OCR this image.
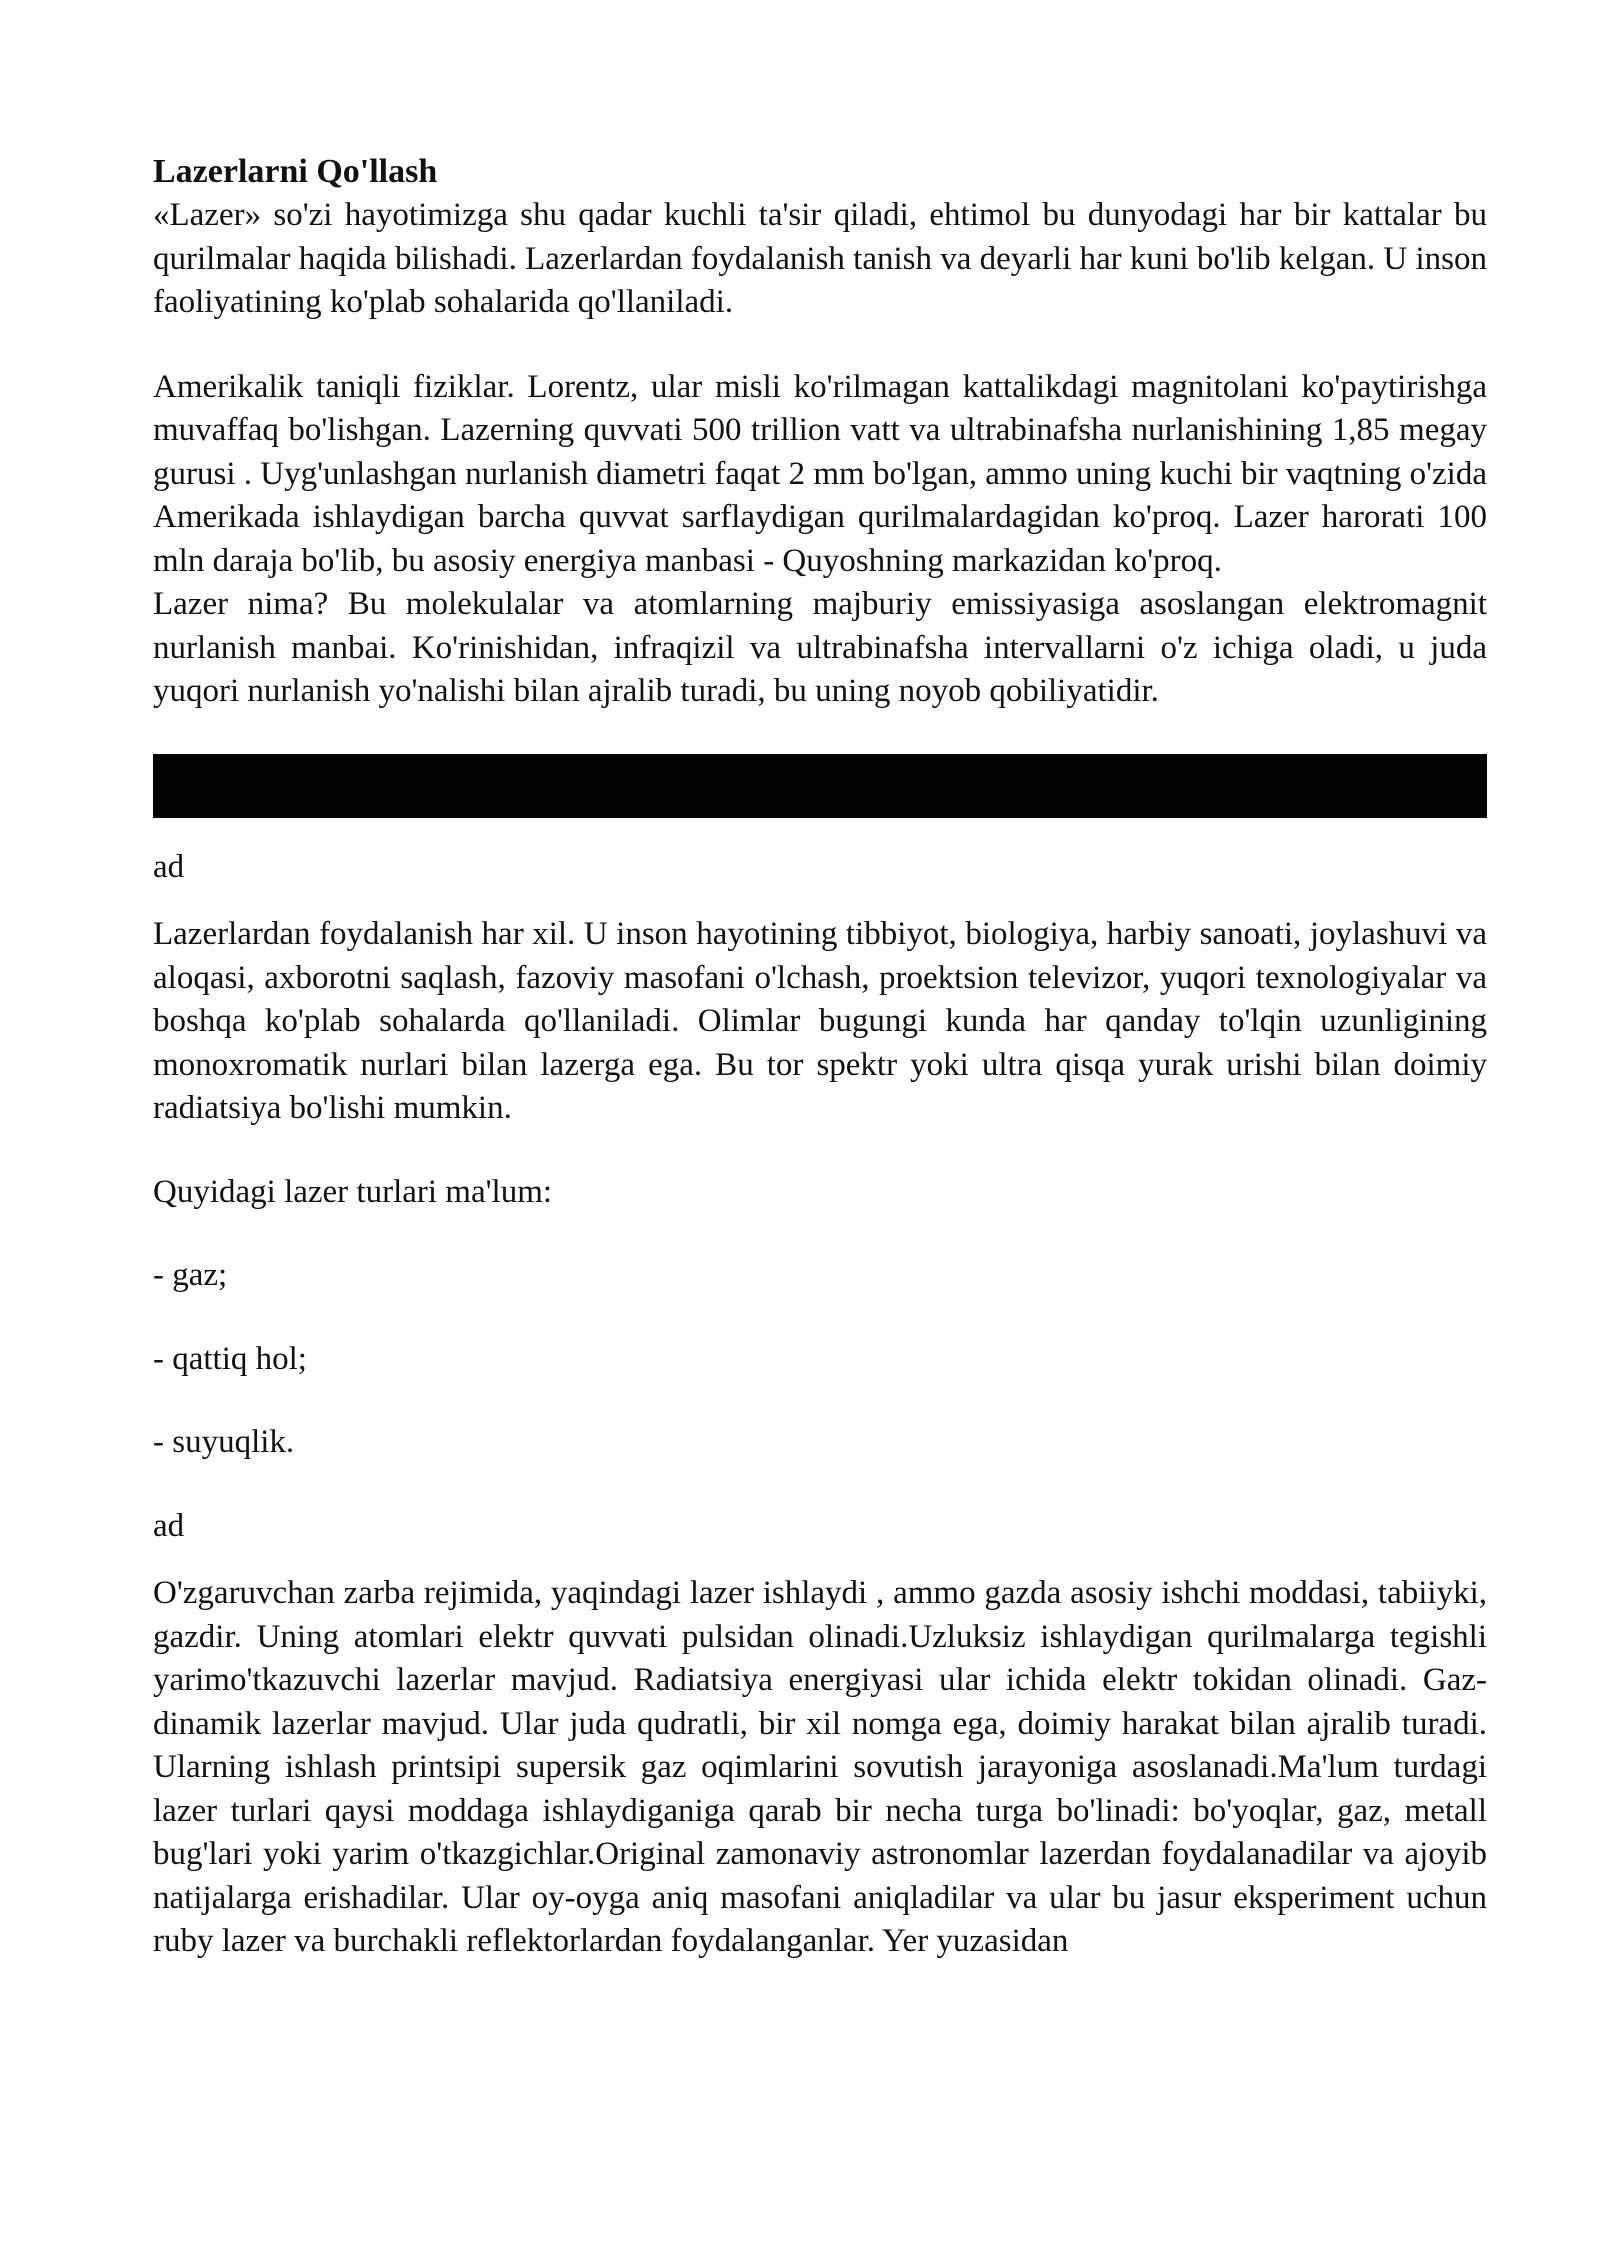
Lazerlarni Qo'llash

«Lazer» so'zi hayotimizga shu qadar kuchli ta'sir qiladi, ehtimol bu dunyodagi har bir kattalar bu qurilmalar haqida bilishadi. Lazerlardan foydalanish tanish va deyarli har kuni bo'lib kelgan. U inson faoliyatining ko'plab sohalarida qo'llaniladi.

Amerikalik taniqli fiziklar. Lorentz, ular misli ko'rilmagan kattalikdagi magnitolani ko'paytirishga muvaffaq bo'lishgan. Lazerning quvvati 500 trillion vatt va ultrabinafsha nurlanishining 1,85 megay gurusi . Uyg'unlashgan nurlanish diametri faqat 2 mm bo'lgan, ammo uning kuchi bir vaqtning o'zida Amerikada ishlaydigan barcha quvvat sarflaydigan qurilmalardagidan ko'proq. Lazer harorati 100 mln daraja bo'lib, bu asosiy energiya manbasi - Quyoshning markazidan ko'proq.

Lazer nima? Bu molekulalar va atomlarning majburiy emissiyasiga asoslangan elektromagnit nurlanish manbai. Ko'rinishidan, infraqizil va ultrabinafsha intervallarni o'z ichiga oladi, u juda yuqori nurlanish yo'nalishi bilan ajralib turadi, bu uning noyob qobiliyatidir.

ad

Lazerlardan foydalanish har xil. U inson hayotining tibbiyot, biologiya, harbiy sanoati, joylashuvi va aloqasi, axborotni saqlash, fazoviy masofani o'lchash, proektsion televizor, yuqori texnologiyalar va boshqa ko'plab sohalarda qo'llaniladi. Olimlar bugungi kunda har qanday to'lqin uzunligining monoxromatik nurlari bilan lazerga ega. Bu tor spektr yoki ultra qisqa yurak urishi bilan doimiy radiatsiya bo'lishi mumkin.

Quyidagi lazer turlari ma'lum:

- gaz;

- qattiq hol;

- suyuqlik.

ad

O'zgaruvchan zarba rejimida, yaqindagi lazer ishlaydi , ammo gazda asosiy ishchi moddasi, tabiiyki, gazdir. Uning atomlari elektr quvvati pulsidan olinadi.Uzluksiz ishlaydigan qurilmalarga tegishli yarimo'tkazuvchi lazerlar mavjud. Radiatsiya energiyasi ular ichida elektr tokidan olinadi. Gaz-dinamik lazerlar mavjud. Ular juda qudratli, bir xil nomga ega, doimiy harakat bilan ajralib turadi. Ularning ishlash printsipi supersik gaz oqimlarini sovutish jarayoniga asoslanadi.Ma'lum turdagi lazer turlari qaysi moddaga ishlaydiganiga qarab bir necha turga bo'linadi: bo'yoqlar, gaz, metall bug'lari yoki yarim o'tkazgichlar.Original zamonaviy astronomlar lazerdan foydalanadilar va ajoyib natijalarga erishadilar. Ular oy-oyga aniq masofani aniqladilar va ular bu jasur eksperiment uchun ruby lazer va burchakli reflektorlardan foydalanganlar. Yer yuzasidan
